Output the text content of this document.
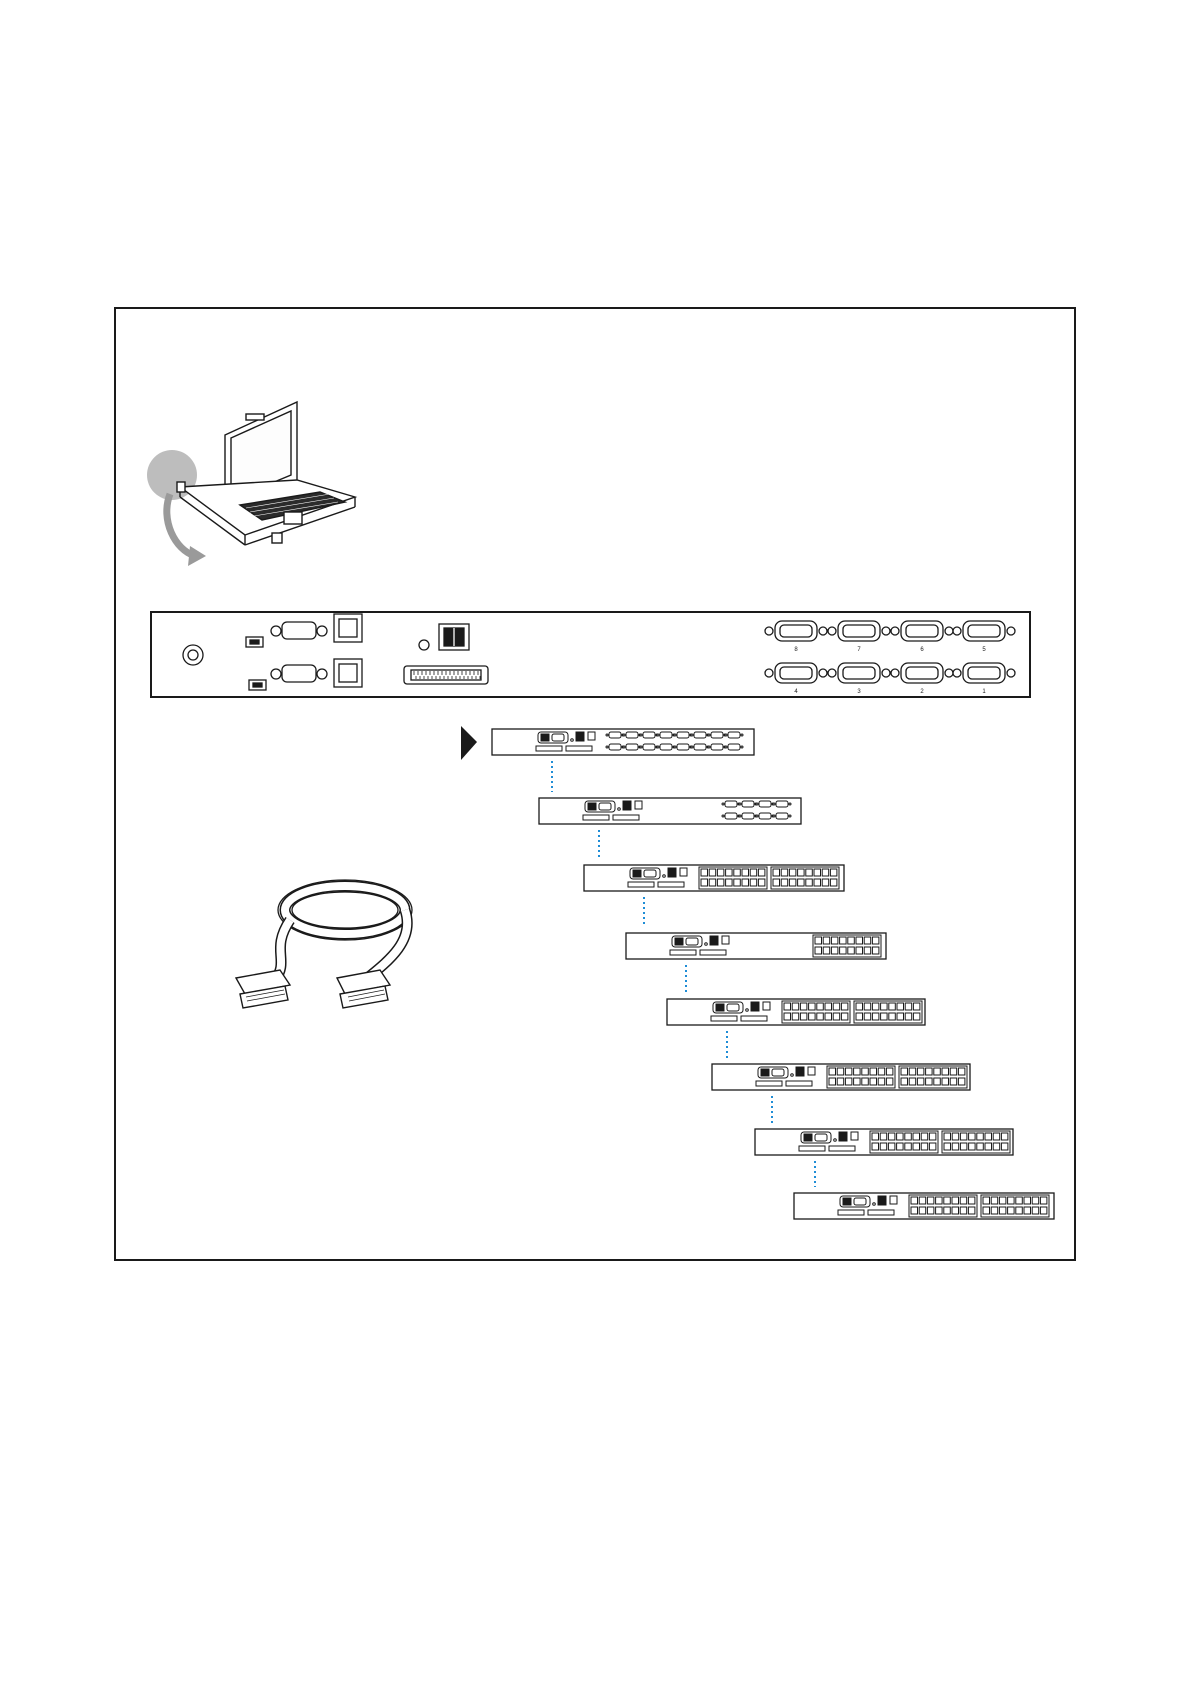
8	7	6	5
4	3	2	1
